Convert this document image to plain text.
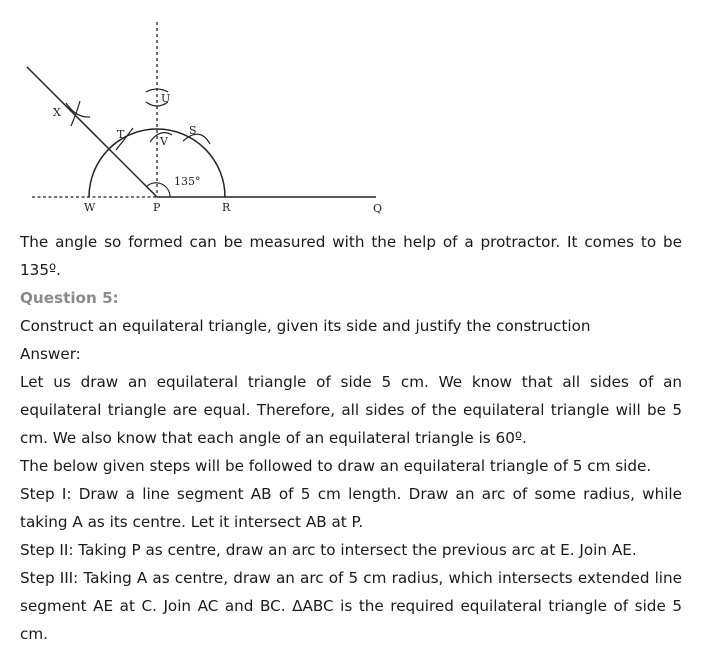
X
T
U
V
S
W	P	R	Q
135°

The angle so formed can be measured with the help of a protractor. It comes to be 135º.

Question 5:

Construct an equilateral triangle, given its side and justify the construction

Answer:

Let us draw an equilateral triangle of side 5 cm. We know that all sides of an equilateral triangle are equal. Therefore, all sides of the equilateral triangle will be 5 cm. We also know that each angle of an equilateral triangle is 60º.

The below given steps will be followed to draw an equilateral triangle of 5 cm side.

Step I: Draw a line segment AB of 5 cm length. Draw an arc of some radius, while taking A as its centre. Let it intersect AB at P.

Step II: Taking P as centre, draw an arc to intersect the previous arc at E. Join AE.

Step III: Taking A as centre, draw an arc of 5 cm radius, which intersects extended line segment AE at C. Join AC and BC. ΔABC is the required equilateral triangle of side 5 cm.
